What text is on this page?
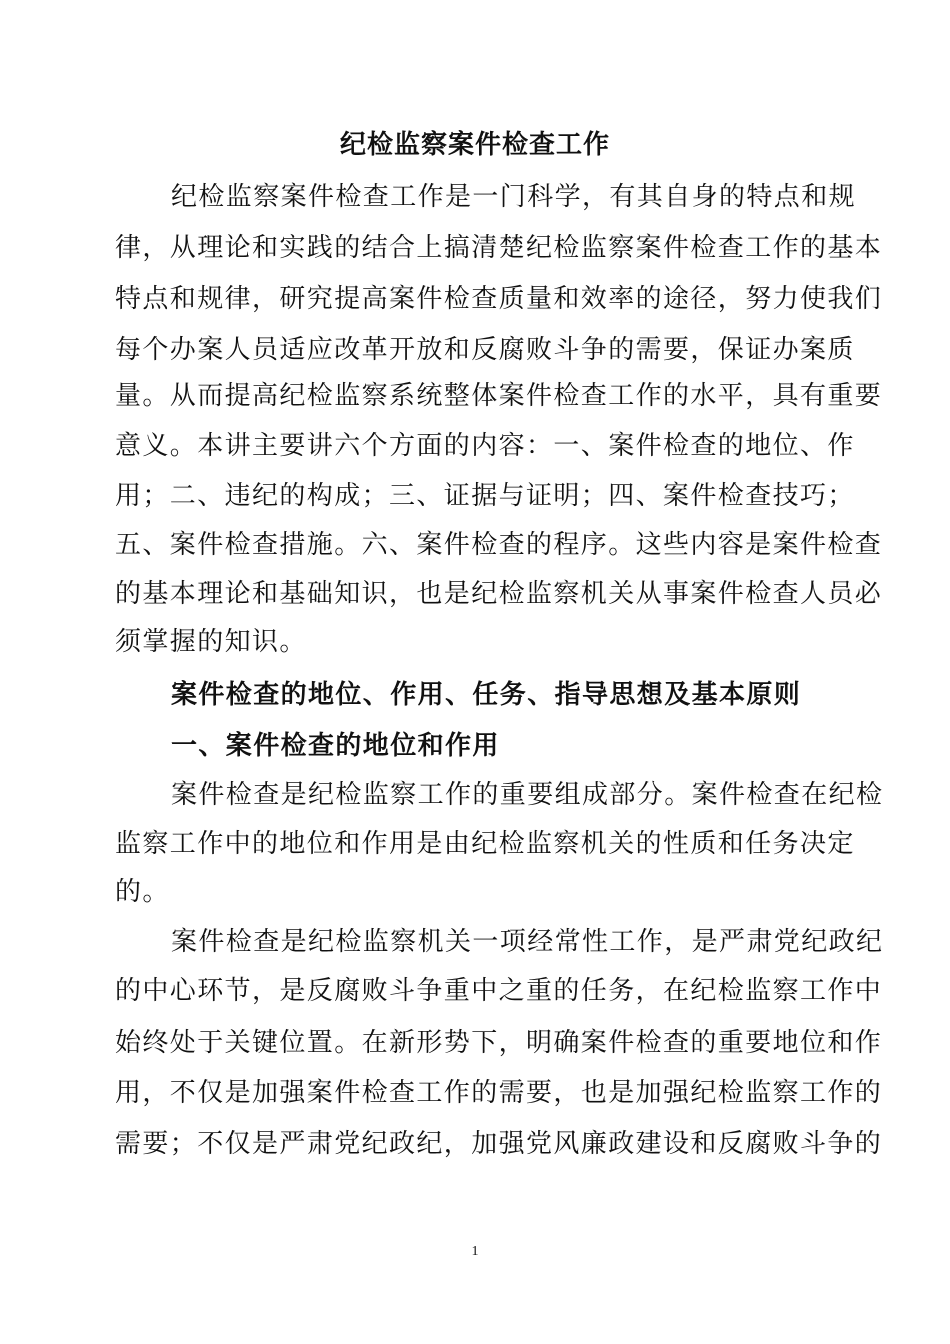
纪检监察案件检查工作
纪检监察案件检查工作是一门科学，有其自身的特点和规
律，从理论和实践的结合上搞清楚纪检监察案件检查工作的基本
特点和规律，研究提高案件检查质量和效率的途径，努力使我们
每个办案人员适应改革开放和反腐败斗争的需要，保证办案质
量。从而提高纪检监察系统整体案件检查工作的水平，具有重要
意义。本讲主要讲六个方面的内容：一、案件检查的地位、作
用；二、违纪的构成；三、证据与证明；四、案件检查技巧；
五、案件检查措施。六、案件检查的程序。这些内容是案件检查
的基本理论和基础知识，也是纪检监察机关从事案件检查人员必
须掌握的知识。
案件检查的地位、作用、任务、指导思想及基本原则
一、案件检查的地位和作用
案件检查是纪检监察工作的重要组成部分。案件检查在纪检
监察工作中的地位和作用是由纪检监察机关的性质和任务决定
的。
案件检查是纪检监察机关一项经常性工作，是严肃党纪政纪
的中心环节，是反腐败斗争重中之重的任务，在纪检监察工作中
始终处于关键位置。在新形势下，明确案件检查的重要地位和作
用，不仅是加强案件检查工作的需要，也是加强纪检监察工作的
需要；不仅是严肃党纪政纪，加强党风廉政建设和反腐败斗争的
1
